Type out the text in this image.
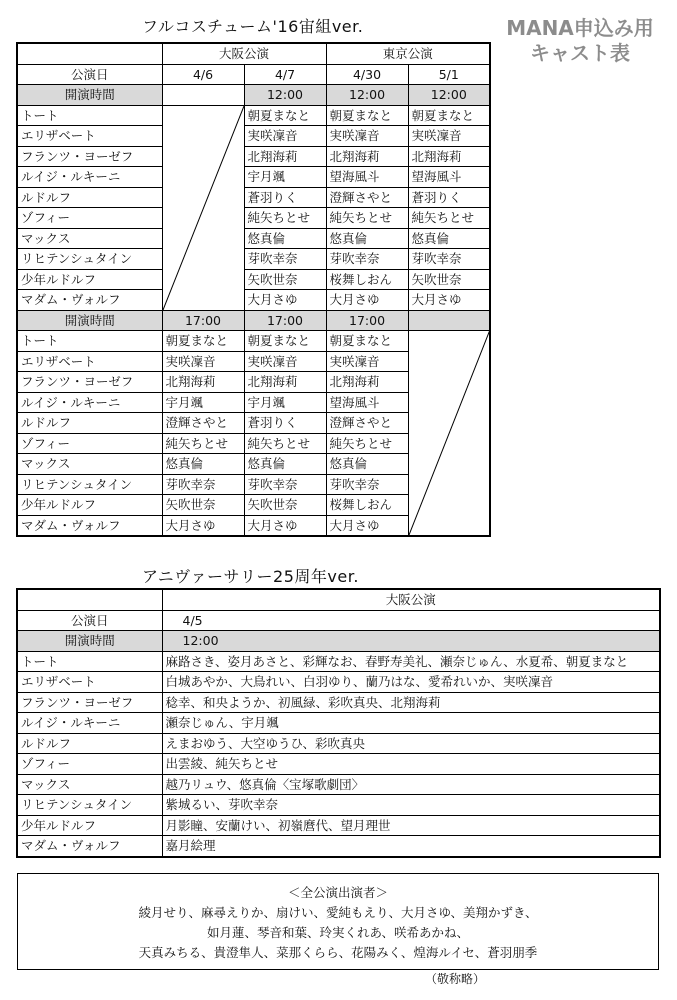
フルコスチューム'16宙組ver.	MANA申込み用
キャスト表
	大阪公演		東京公演	
公演日	4/6	4/7	4/30	5/1
開演時間		12:00	12:00	12:00
トート		朝夏まなと	朝夏まなと	朝夏まなと
エリザベート		実咲凜音	実咲凜音	実咲凜音
フランツ・ヨーゼフ		北翔海莉	北翔海莉	北翔海莉
ルイジ・ルキーニ		宇月颯	望海風斗	望海風斗
ルドルフ		蒼羽りく	澄輝さやと	蒼羽りく
ゾフィー		純矢ちとせ	純矢ちとせ	純矢ちとせ
マックス		悠真倫	悠真倫	悠真倫
リヒテンシュタイン		芽吹幸奈	芽吹幸奈	芽吹幸奈
少年ルドルフ		矢吹世奈	桜舞しおん	矢吹世奈
マダム・ヴォルフ		大月さゆ	大月さゆ	大月さゆ
開演時間	17:00	17:00	17:00	
トート	朝夏まなと	朝夏まなと	朝夏まなと	

エリザベート	実咲凜音	実咲凜音	実咲凜音	
フランツ・ヨーゼフ	北翔海莉	北翔海莉	北翔海莉	
ルイジ・ルキーニ	宇月颯	宇月颯	望海風斗	
ルドルフ	澄輝さやと	蒼羽りく	澄輝さやと	
ゾフィー	純矢ちとせ	純矢ちとせ	純矢ちとせ	
マックス	悠真倫	悠真倫	悠真倫	
リヒテンシュタイン	芽吹幸奈	芽吹幸奈	芽吹幸奈	
少年ルドルフ	矢吹世奈	矢吹世奈	桜舞しおん	
マダム・ヴォルフ	大月さゆ	大月さゆ	大月さゆ	
アニヴァーサリー25周年ver.
	大阪公演
公演日	4/5
開演時間	12:00
トート	麻路さき、姿月あさと、彩輝なお、春野寿美礼、瀬奈じゅん、水夏希、朝夏まなと
エリザベート	白城あやか、大鳥れい、白羽ゆり、蘭乃はな、愛希れいか、実咲凜音
フランツ・ヨーゼフ	稔幸、和央ようか、初風緑、彩吹真央、北翔海莉
ルイジ・ルキーニ	瀬奈じゅん、宇月颯
ルドルフ	えまおゆう、大空ゆうひ、彩吹真央
ゾフィー	出雲綾、純矢ちとせ
マックス	越乃リュウ、悠真倫〈宝塚歌劇団〉
リヒテンシュタイン	紫城るい、芽吹幸奈
少年ルドルフ	月影瞳、安蘭けい、初嶺麿代、望月理世
マダム・ヴォルフ	嘉月絵理
＜全公演出演者＞
綾月せり、麻尋えりか、扇けい、愛純もえり、大月さゆ、美翔かずき、
如月蓮、琴音和葉、玲実くれあ、咲希あかね、
天真みちる、貴澄隼人、菜那くらら、花陽みく、煌海ルイセ、蒼羽朋季
（敬称略）
